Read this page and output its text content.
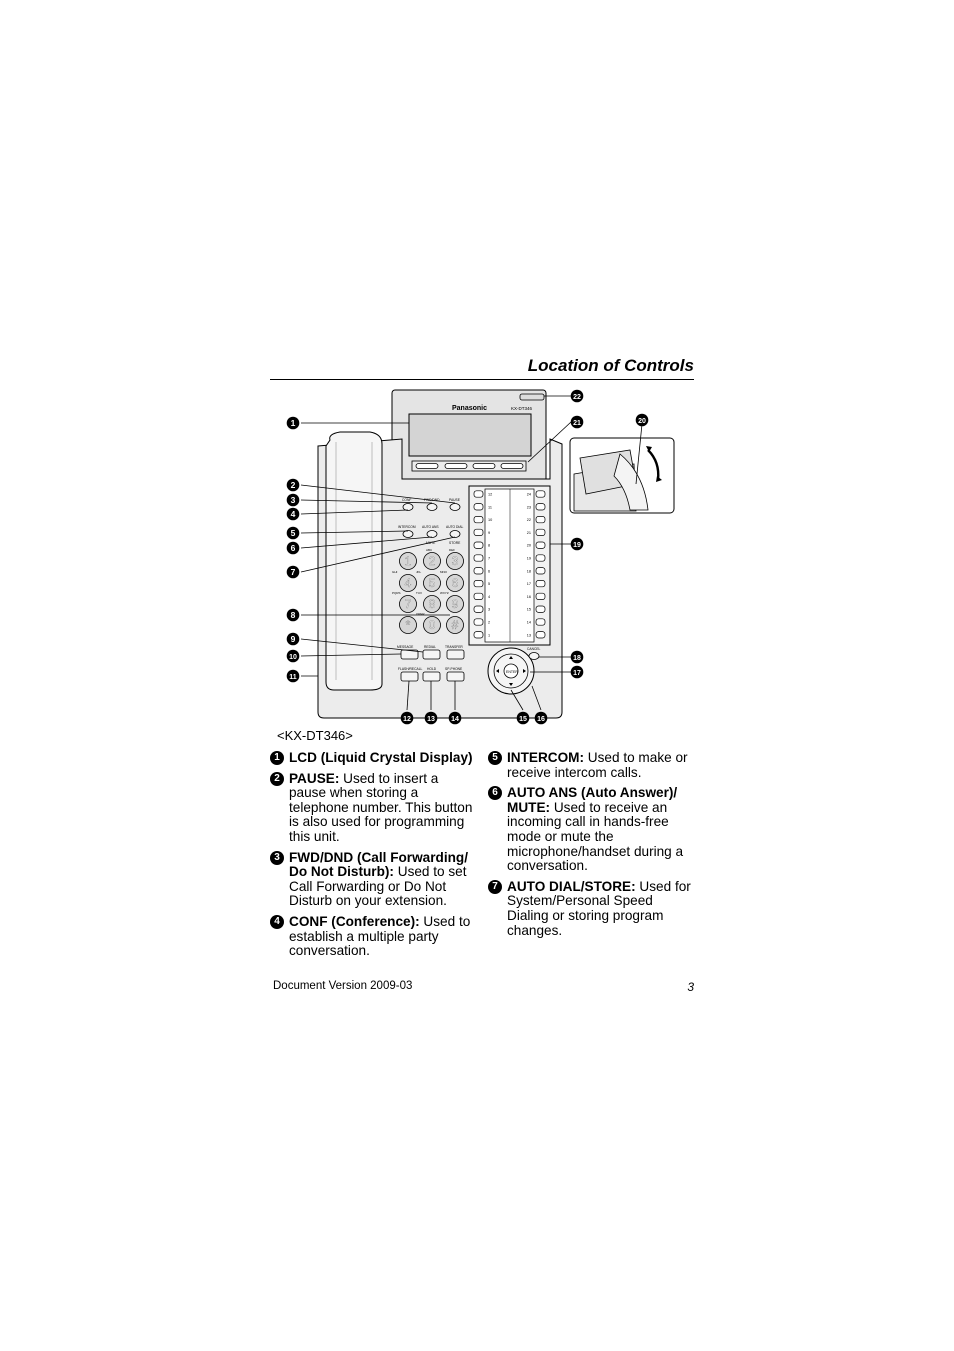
Location of Controls
Panasonic	KX-DT346
CONF	FWD/DND	PAUSE
INTERCOM AUTO ANS
MUTE
AUTO DIAL
STORE
1 2 3
4 5 6
7 8 9
* 0 #
ABC	DEF
GHI	JKL	MNO
PQRS	TUV	WXYZ
OPER
MESSAGE	REDIAL	TRANSFER
FLASH/RECALL HOLD	SP-PHONE
12	24
11	23
10	22
9	21
8	20
7	19
6	18
5	17
4	16
3	15
2	14
1	13
ENTER
CANCEL
1
2
3
4
5
6
7
8
9
10
11
12 13 14	15 16
17
18
19
20
21
22
<KX-DT346>
1 LCD (Liquid Crystal Display)
2 PAUSE: Used to insert a pause when storing a telephone number. This button is also used for programming this unit.
3 FWD/DND (Call Forwarding/ Do Not Disturb): Used to set Call Forwarding or Do Not Disturb on your extension.
4 CONF (Conference): Used to establish a multiple party conversation.
5 INTERCOM: Used to make or receive intercom calls.
6 AUTO ANS (Auto Answer)/ MUTE: Used to receive an incoming call in hands-free mode or mute the microphone/handset during a conversation.
7 AUTO DIAL/STORE: Used for System/Personal Speed Dialing or storing program changes.
Document Version 2009-03	3
